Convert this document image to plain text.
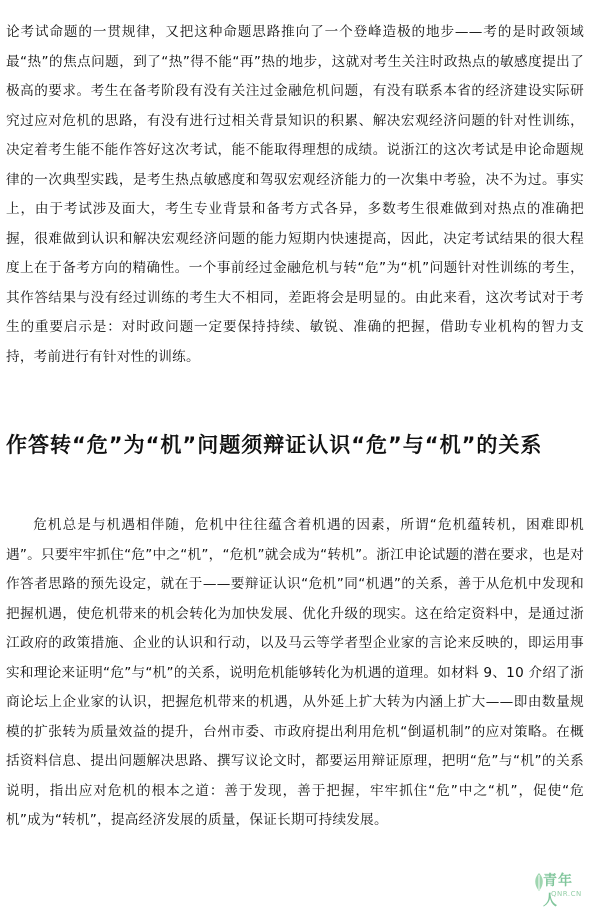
论考试命题的一贯规律，又把这种命题思路推向了一个登峰造极的地步——考的是时政领域最“热”的焦点问题，到了“热”得不能“再”热的地步，这就对考生关注时政热点的敏感度提出了极高的要求。考生在备考阶段有没有关注过金融危机问题，有没有联系本省的经济建设实际研究过应对危机的思路，有没有进行过相关背景知识的积累、解决宏观经济问题的针对性训练，决定着考生能不能作答好这次考试，能不能取得理想的成绩。说浙江的这次考试是申论命题规律的一次典型实践，是考生热点敏感度和驾驭宏观经济能力的一次集中考验，决不为过。事实上，由于考试涉及面大，考生专业背景和备考方式各异，多数考生很难做到对热点的准确把握，很难做到认识和解决宏观经济问题的能力短期内快速提高，因此，决定考试结果的很大程度上在于备考方向的精确性。一个事前经过金融危机与转“危”为“机”问题针对性训练的考生，其作答结果与没有经过训练的考生大不相同，差距将会是明显的。由此来看，这次考试对于考生的重要启示是：对时政问题一定要保持持续、敏锐、准确的把握，借助专业机构的智力支持，考前进行有针对性的训练。

作答转“危”为“机”问题须辩证认识“危”与“机”的关系

危机总是与机遇相伴随，危机中往往蕴含着机遇的因素，所谓“危机蕴转机，困难即机遇”。只要牢牢抓住“危”中之“机”，“危机”就会成为“转机”。浙江申论试题的潜在要求，也是对作答者思路的预先设定，就在于——要辩证认识“危机”同“机遇”的关系，善于从危机中发现和把握机遇，使危机带来的机会转化为加快发展、优化升级的现实。这在给定资料中，是通过浙江政府的政策措施、企业的认识和行动，以及马云等学者型企业家的言论来反映的，即运用事实和理论来证明“危”与“机”的关系，说明危机能够转化为机遇的道理。如材料 9、10 介绍了浙商论坛上企业家的认识，把握危机带来的机遇，从外延上扩大转为内涵上扩大——即由数量规模的扩张转为质量效益的提升，台州市委、市政府提出利用危机“倒逼机制”的应对策略。在概括资料信息、提出问题解决思路、撰写议论文时，都要运用辩证原理，把明“危”与“机”的关系说明，指出应对危机的根本之道：善于发现，善于把握，牢牢抓住“危”中之“机”，促使“危机”成为“转机”，提高经济发展的质量，保证长期可持续发展。

青年人
QNR.CN
